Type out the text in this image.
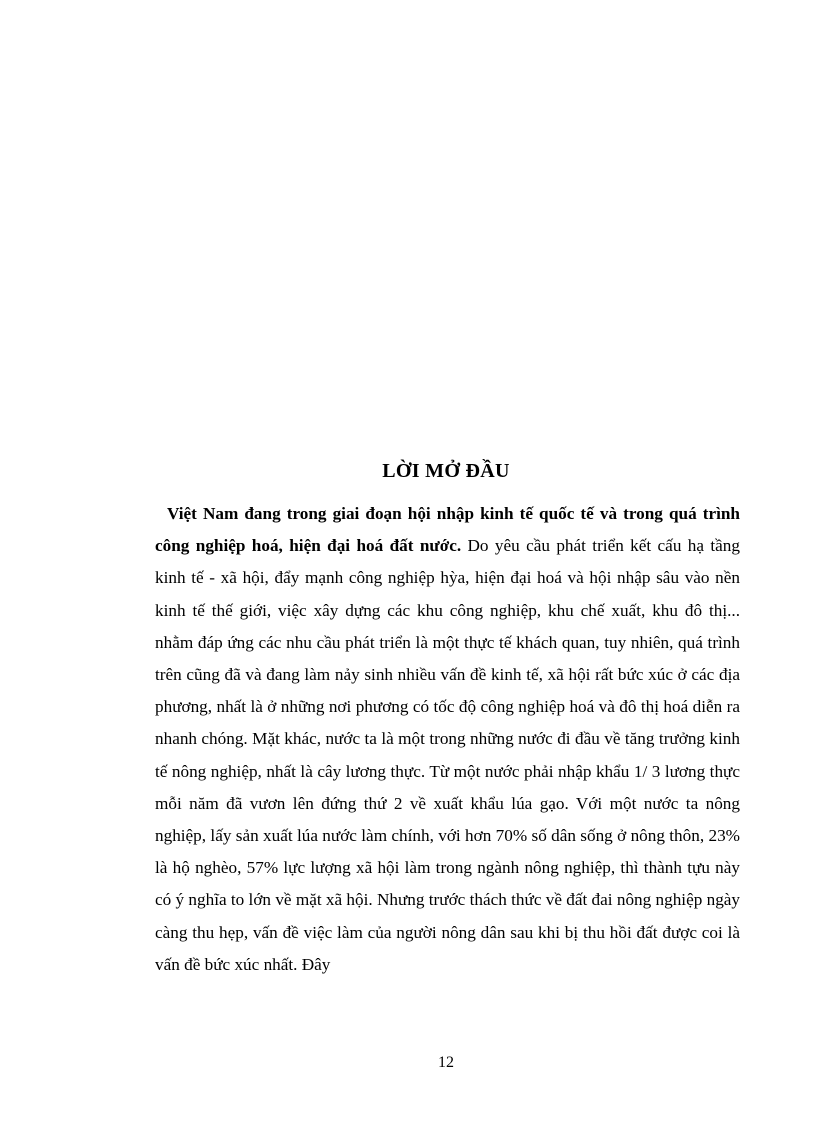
LỜI MỞ ĐẦU

Việt Nam đang trong giai đoạn hội nhập kinh tế quốc tế và trong quá trình công nghiệp hoá, hiện đại hoá đất nước. Do yêu cầu phát triển kết cấu hạ tầng kinh tế - xã hội, đẩy mạnh công nghiệp hỳa, hiện đại hoá và hội nhập sâu vào nền kinh tế thế giới, việc xây dựng các khu công nghiệp, khu chế xuất, khu đô thị... nhằm đáp ứng các nhu cầu phát triển là một thực tế khách quan, tuy nhiên, quá trình trên cũng đã và đang làm nảy sinh nhiều vấn đề kinh tế, xã hội rất bức xúc ở các địa phương, nhất là ở những nơi phương có tốc độ công nghiệp hoá và đô thị hoá diễn ra nhanh chóng. Mặt khác, nước ta là một trong những nước đi đầu về tăng trưởng kinh tế nông nghiệp, nhất là cây lương thực. Từ một nước phải nhập khẩu 1/ 3 lương thực mỗi năm đã vươn lên đứng thứ 2 về xuất khẩu lúa gạo. Với một nước ta nông nghiệp, lấy sản xuất lúa nước làm chính, với hơn 70% số dân sống ở nông thôn, 23% là hộ nghèo, 57% lực lượng xã hội làm trong ngành nông nghiệp, thì thành tựu này có ý nghĩa to lớn về mặt xã hội. Nhưng trước thách thức về đất đai nông nghiệp ngày càng thu hẹp, vấn đề việc làm của người nông dân sau khi bị thu hồi đất được coi là vấn đề bức xúc nhất. Đây

12
